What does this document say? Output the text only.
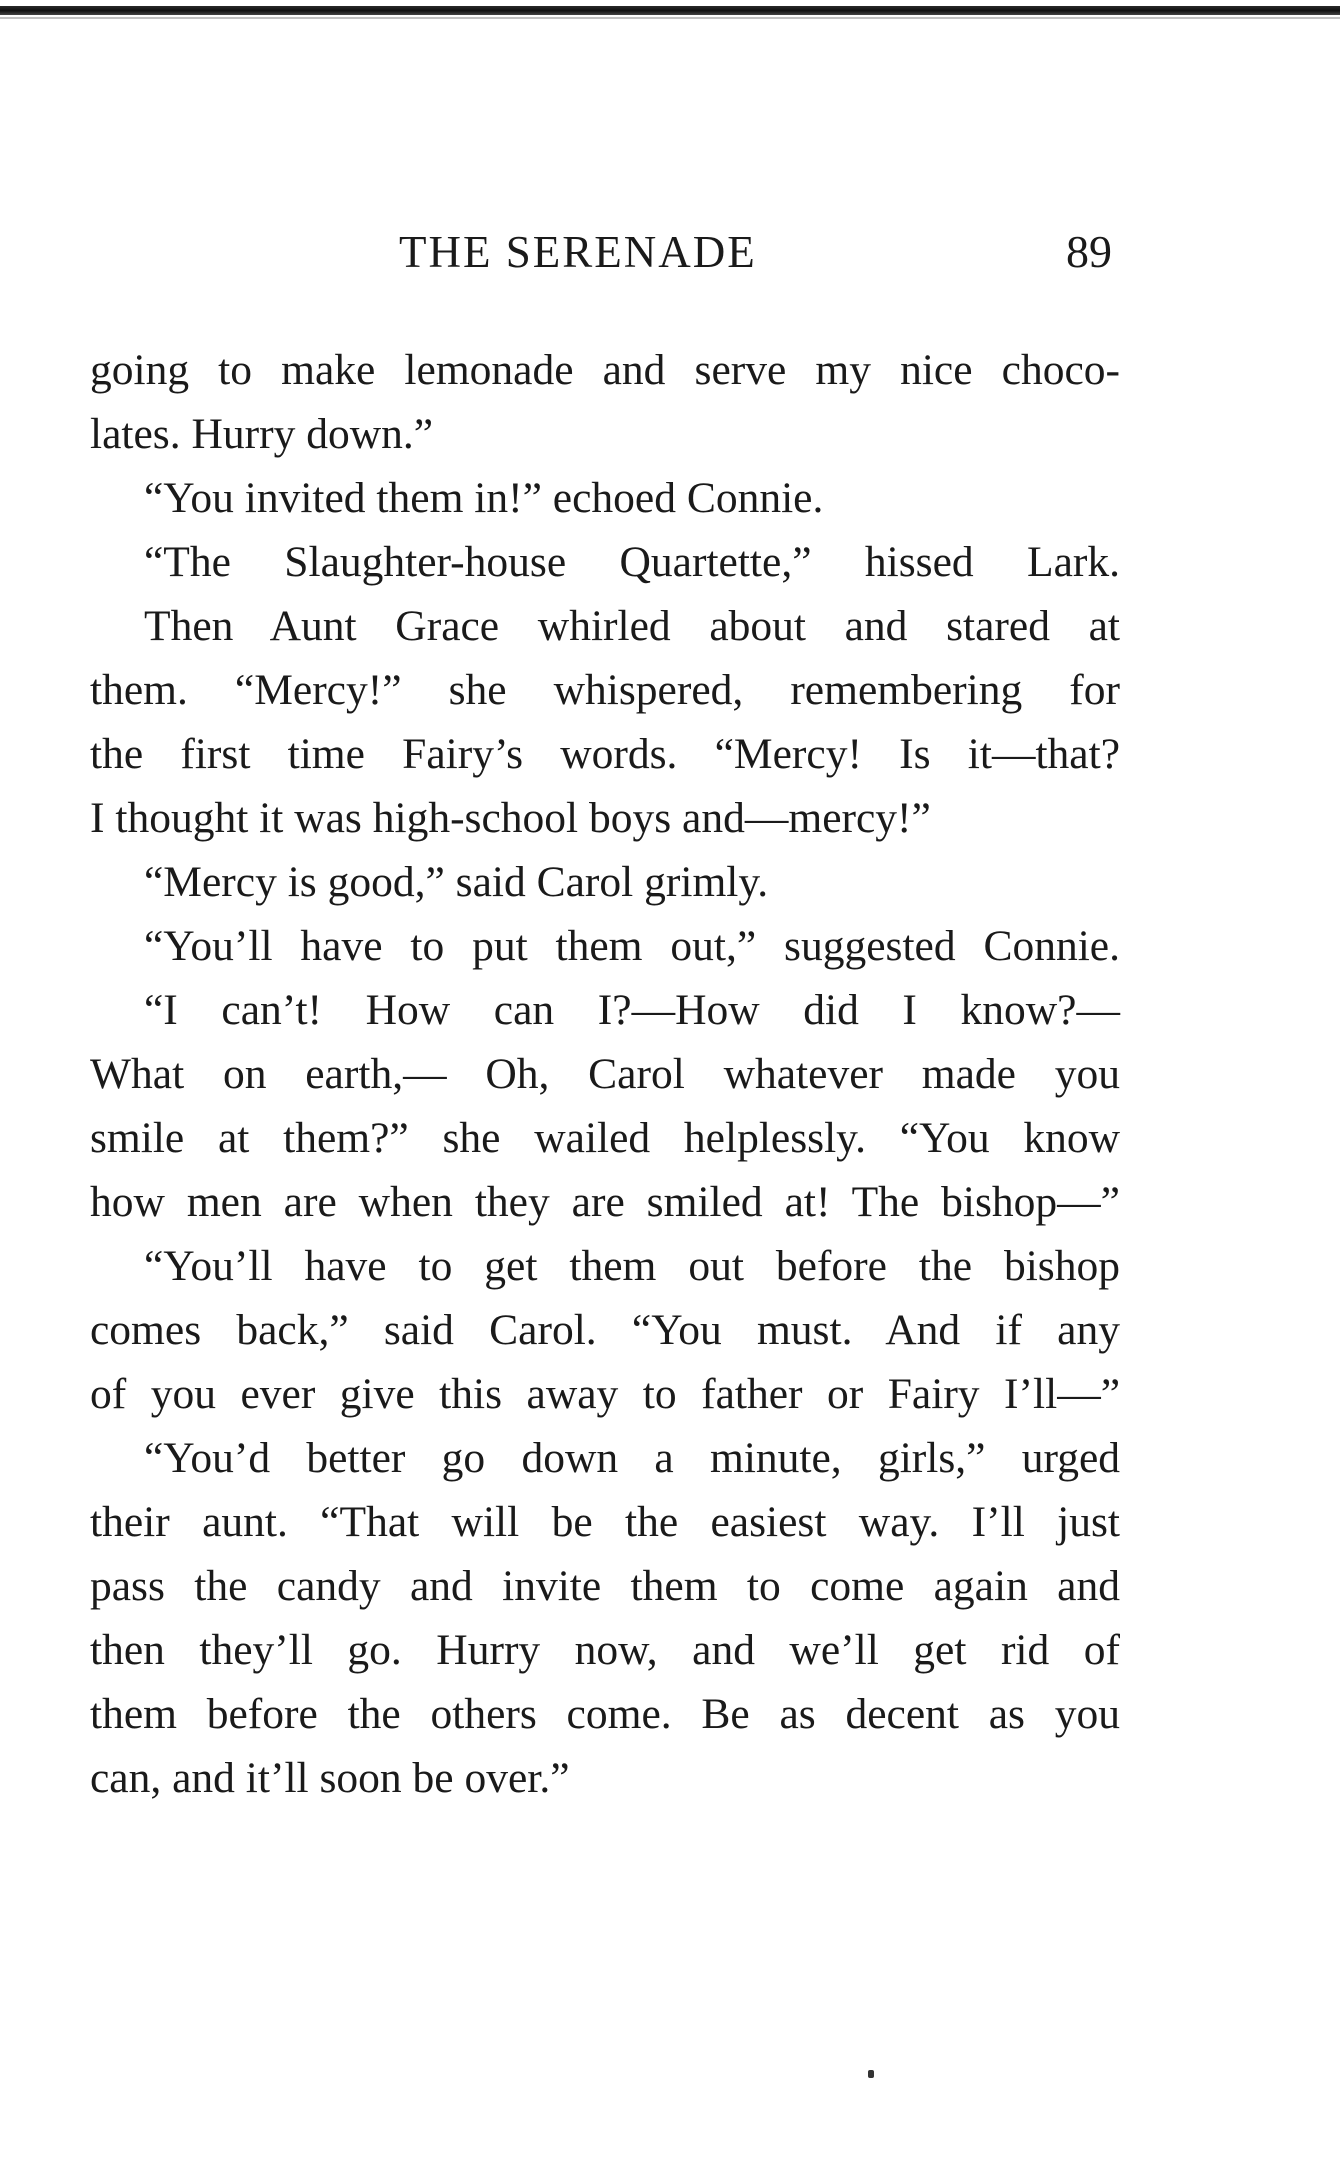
THE SERENADE	89
going to make lemonade and serve my nice choco-
lates. Hurry down.”
“You invited them in!” echoed Connie.
“The Slaughter-house Quartette,” hissed Lark.
Then Aunt Grace whirled about and stared at
them. “Mercy!” she whispered, remembering for
the first time Fairy’s words. “Mercy! Is it—that?
I thought it was high-school boys and—mercy!”
“Mercy is good,” said Carol grimly.
“You’ll have to put them out,” suggested Connie.
“I can’t! How can I?—How did I know?—
What on earth,— Oh, Carol whatever made you
smile at them?” she wailed helplessly. “You know
how men are when they are smiled at! The bishop—”
“You’ll have to get them out before the bishop
comes back,” said Carol. “You must. And if any
of you ever give this away to father or Fairy I’ll—”
“You’d better go down a minute, girls,” urged
their aunt. “That will be the easiest way. I’ll just
pass the candy and invite them to come again and
then they’ll go. Hurry now, and we’ll get rid of
them before the others come. Be as decent as you
can, and it’ll soon be over.”
